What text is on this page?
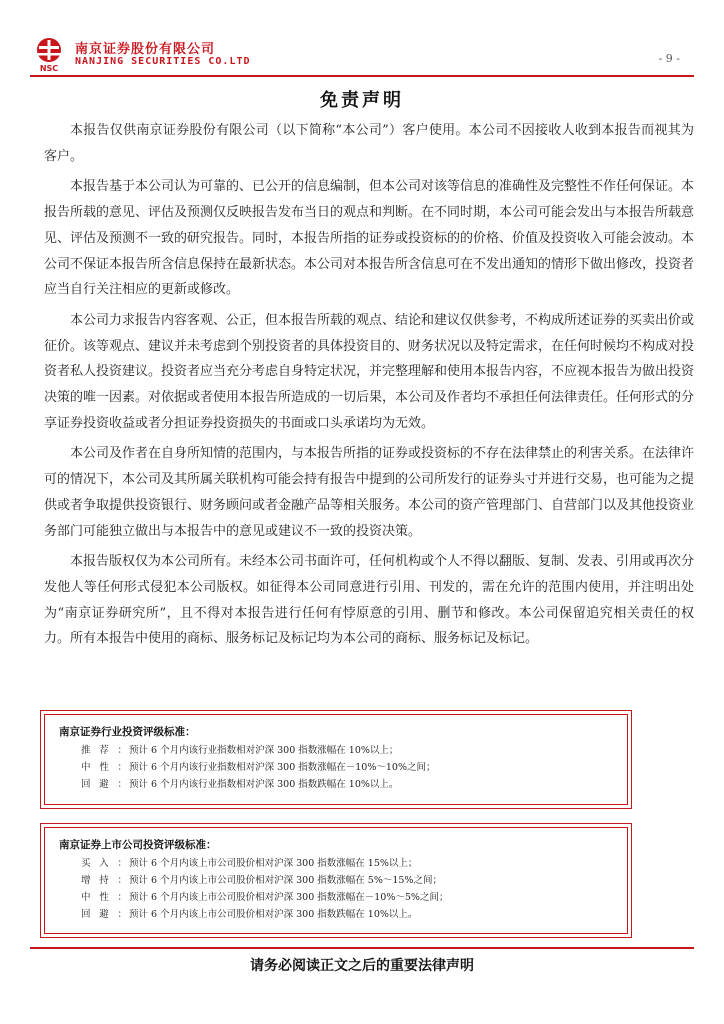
NSC
南京证券股份有限公司
NANJING SECURITIES CO.LTD	- 9 -
免责声明

本报告仅供南京证券股份有限公司（以下简称“本公司”）客户使用。本公司不因接收人收到本报告而视其为客户。

本报告基于本公司认为可靠的、已公开的信息编制，但本公司对该等信息的准确性及完整性不作任何保证。本报告所载的意见、评估及预测仅反映报告发布当日的观点和判断。在不同时期，本公司可能会发出与本报告所载意见、评估及预测不一致的研究报告。同时，本报告所指的证券或投资标的的价格、价值及投资收入可能会波动。本公司不保证本报告所含信息保持在最新状态。本公司对本报告所含信息可在不发出通知的情形下做出修改，投资者应当自行关注相应的更新或修改。

本公司力求报告内容客观、公正，但本报告所载的观点、结论和建议仅供参考，不构成所述证券的买卖出价或征价。该等观点、建议并未考虑到个别投资者的具体投资目的、财务状况以及特定需求，在任何时候均不构成对投资者私人投资建议。投资者应当充分考虑自身特定状况，并完整理解和使用本报告内容，不应视本报告为做出投资决策的唯一因素。对依据或者使用本报告所造成的一切后果，本公司及作者均不承担任何法律责任。任何形式的分享证券投资收益或者分担证券投资损失的书面或口头承诺均为无效。

本公司及作者在自身所知情的范围内，与本报告所指的证券或投资标的不存在法律禁止的利害关系。在法律许可的情况下，本公司及其所属关联机构可能会持有报告中提到的公司所发行的证券头寸并进行交易，也可能为之提供或者争取提供投资银行、财务顾问或者金融产品等相关服务。本公司的资产管理部门、自营部门以及其他投资业务部门可能独立做出与本报告中的意见或建议不一致的投资决策。

本报告版权仅为本公司所有。未经本公司书面许可，任何机构或个人不得以翻版、复制、发表、引用或再次分发他人等任何形式侵犯本公司版权。如征得本公司同意进行引用、刊发的，需在允许的范围内使用，并注明出处为“南京证券研究所”，且不得对本报告进行任何有悖原意的引用、删节和修改。本公司保留追究相关责任的权力。所有本报告中使用的商标、服务标记及标记均为本公司的商标、服务标记及标记。

南京证券行业投资评级标准：
推荐： 预计 6 个月内该行业指数相对沪深 300 指数涨幅在 10%以上；
中性： 预计 6 个月内该行业指数相对沪深 300 指数涨幅在－10%～10%之间；
回避： 预计 6 个月内该行业指数相对沪深 300 指数跌幅在 10%以上。
南京证券上市公司投资评级标准：
买入： 预计 6 个月内该上市公司股价相对沪深 300 指数涨幅在 15%以上；
增持： 预计 6 个月内该上市公司股价相对沪深 300 指数涨幅在 5%～15%之间；
中性： 预计 6 个月内该上市公司股价相对沪深 300 指数涨幅在－10%～5%之间；
回避： 预计 6 个月内该上市公司股价相对沪深 300 指数跌幅在 10%以上。
请务必阅读正文之后的重要法律声明
